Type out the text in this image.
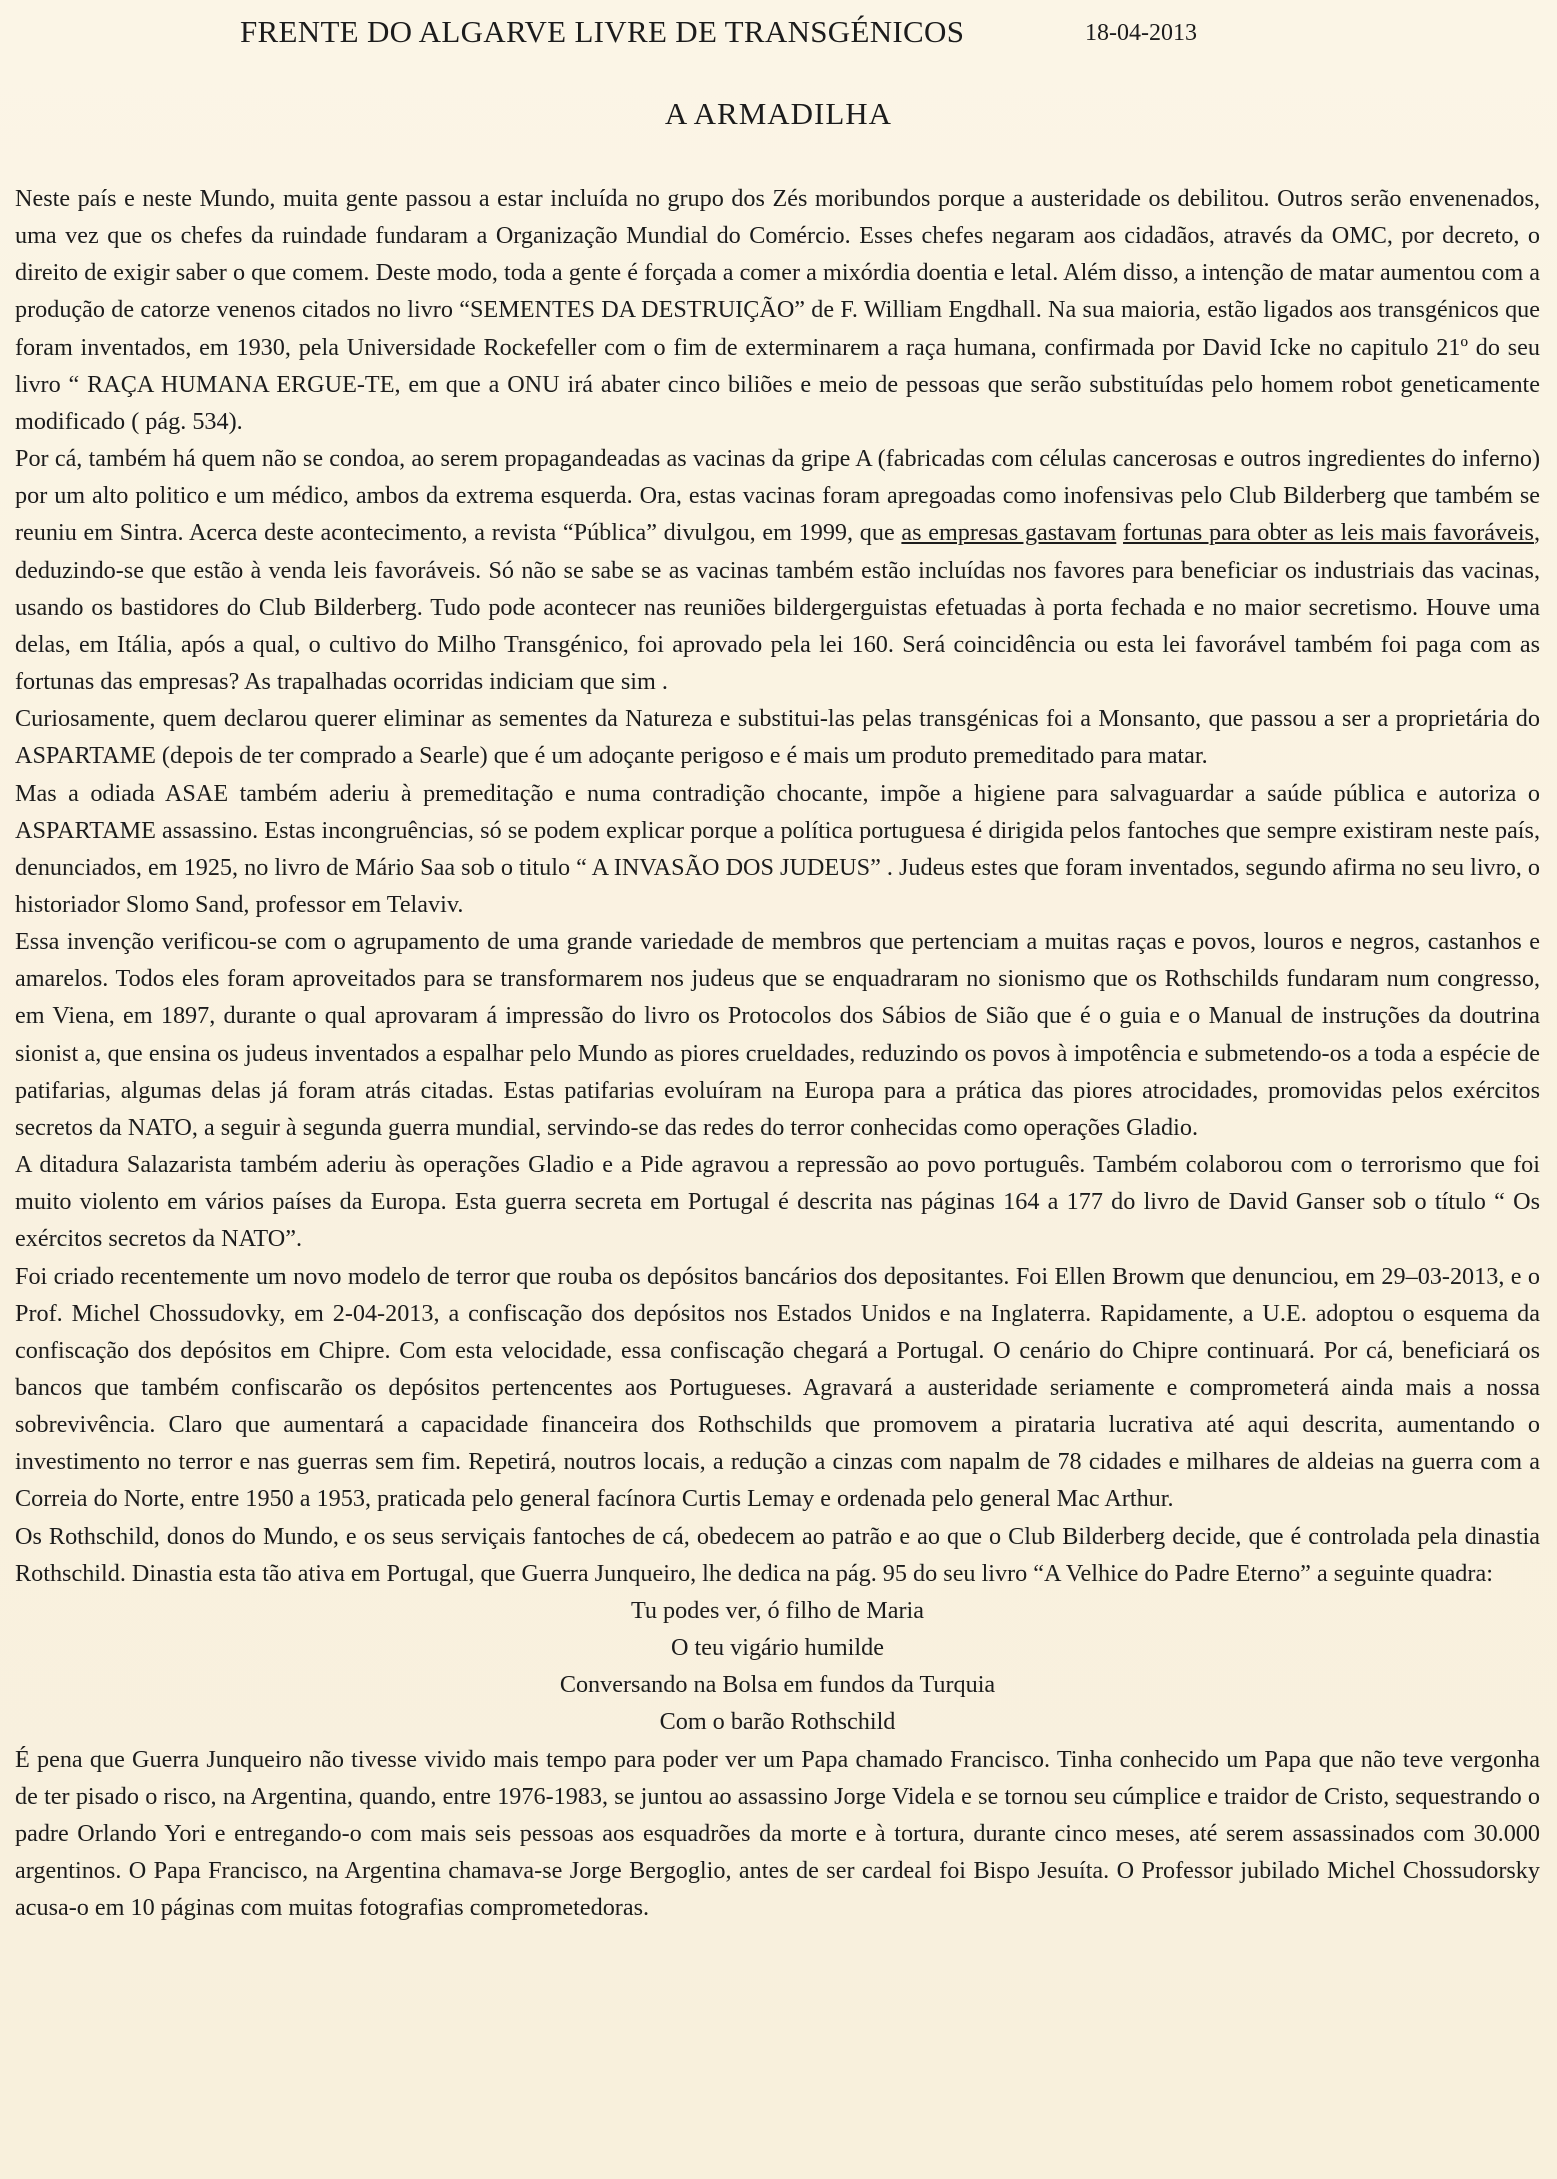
FRENTE DO ALGARVE LIVRE DE TRANSGÉNICOS	18-04-2013
A ARMADILHA

Neste país e neste Mundo, muita gente passou a estar incluída no grupo dos Zés moribundos porque a austeridade os debilitou. Outros serão envenenados, uma vez que os chefes da ruindade fundaram a Organização Mundial do Comércio. Esses chefes negaram aos cidadãos, através da OMC, por decreto, o direito de exigir saber o que comem. Deste modo, toda a gente é forçada a comer a mixórdia doentia e letal. Além disso, a intenção de matar aumentou com a produção de catorze venenos citados no livro “SEMENTES DA DESTRUIÇÃO” de F. William Engdhall. Na sua maioria, estão ligados aos transgénicos que foram inventados, em 1930, pela Universidade Rockefeller com o fim de exterminarem a raça humana, confirmada por David Icke no capitulo 21º do seu livro “ RAÇA HUMANA ERGUE-TE, em que a ONU irá abater cinco biliões e meio de pessoas que serão substituídas pelo homem robot geneticamente modificado ( pág. 534).

Por cá, também há quem não se condoa, ao serem propagandeadas as vacinas da gripe A (fabricadas com células cancerosas e outros ingredientes do inferno) por um alto politico e um médico, ambos da extrema esquerda. Ora, estas vacinas foram apregoadas como inofensivas pelo Club Bilderberg que também se reuniu em Sintra. Acerca deste acontecimento, a revista “Pública” divulgou, em 1999, que as empresas gastavam fortunas para obter as leis mais favoráveis, deduzindo-se que estão à venda leis favoráveis. Só não se sabe se as vacinas também estão incluídas nos favores para beneficiar os industriais das vacinas, usando os bastidores do Club Bilderberg. Tudo pode acontecer nas reuniões bildergerguistas efetuadas à porta fechada e no maior secretismo. Houve uma delas, em Itália, após a qual, o cultivo do Milho Transgénico, foi aprovado pela lei 160. Será coincidência ou esta lei favorável também foi paga com as fortunas das empresas? As trapalhadas ocorridas indiciam que sim .

Curiosamente, quem declarou querer eliminar as sementes da Natureza e substitui-las pelas transgénicas foi a Monsanto, que passou a ser a proprietária do ASPARTAME (depois de ter comprado a Searle) que é um adoçante perigoso e é mais um produto premeditado para matar.

Mas a odiada ASAE também aderiu à premeditação e numa contradição chocante, impõe a higiene para salvaguardar a saúde pública e autoriza o ASPARTAME assassino. Estas incongruências, só se podem explicar porque a política portuguesa é dirigida pelos fantoches que sempre existiram neste país, denunciados, em 1925, no livro de Mário Saa sob o titulo “ A INVASÃO DOS JUDEUS” . Judeus estes que foram inventados, segundo afirma no seu livro, o historiador Slomo Sand, professor em Telaviv.

Essa invenção verificou-se com o agrupamento de uma grande variedade de membros que pertenciam a muitas raças e povos, louros e negros, castanhos e amarelos. Todos eles foram aproveitados para se transformarem nos judeus que se enquadraram no sionismo que os Rothschilds fundaram num congresso, em Viena, em 1897, durante o qual aprovaram á impressão do livro os Protocolos dos Sábios de Sião que é o guia e o Manual de instruções da doutrina sionist a, que ensina os judeus inventados a espalhar pelo Mundo as piores crueldades, reduzindo os povos à impotência e submetendo-os a toda a espécie de patifarias, algumas delas já foram atrás citadas. Estas patifarias evoluíram na Europa para a prática das piores atrocidades, promovidas pelos exércitos secretos da NATO, a seguir à segunda guerra mundial, servindo-se das redes do terror conhecidas como operações Gladio.

A ditadura Salazarista também aderiu às operações Gladio e a Pide agravou a repressão ao povo português. Também colaborou com o terrorismo que foi muito violento em vários países da Europa. Esta guerra secreta em Portugal é descrita nas páginas 164 a 177 do livro de David Ganser sob o título “ Os exércitos secretos da NATO”.

Foi criado recentemente um novo modelo de terror que rouba os depósitos bancários dos depositantes. Foi Ellen Browm que denunciou, em 29–03-2013, e o Prof. Michel Chossudovky, em 2-04-2013, a confiscação dos depósitos nos Estados Unidos e na Inglaterra. Rapidamente, a U.E. adoptou o esquema da confiscação dos depósitos em Chipre. Com esta velocidade, essa confiscação chegará a Portugal. O cenário do Chipre continuará. Por cá, beneficiará os bancos que também confiscarão os depósitos pertencentes aos Portugueses. Agravará a austeridade seriamente e comprometerá ainda mais a nossa sobrevivência. Claro que aumentará a capacidade financeira dos Rothschilds que promovem a pirataria lucrativa até aqui descrita, aumentando o investimento no terror e nas guerras sem fim. Repetirá, noutros locais, a redução a cinzas com napalm de 78 cidades e milhares de aldeias na guerra com a Correia do Norte, entre 1950 a 1953, praticada pelo general facínora Curtis Lemay e ordenada pelo general Mac Arthur.

Os Rothschild, donos do Mundo, e os seus serviçais fantoches de cá, obedecem ao patrão e ao que o Club Bilderberg decide, que é controlada pela dinastia Rothschild. Dinastia esta tão ativa em Portugal, que Guerra Junqueiro, lhe dedica na pág. 95 do seu livro “A Velhice do Padre Eterno” a seguinte quadra:

Tu podes ver, ó filho de Maria
O teu vigário humilde
Conversando na Bolsa em fundos da Turquia
Com o barão Rothschild

É pena que Guerra Junqueiro não tivesse vivido mais tempo para poder ver um Papa chamado Francisco. Tinha conhecido um Papa que não teve vergonha de ter pisado o risco, na Argentina, quando, entre 1976-1983, se juntou ao assassino Jorge Videla e se tornou seu cúmplice e traidor de Cristo, sequestrando o padre Orlando Yori e entregando-o com mais seis pessoas aos esquadrões da morte e à tortura, durante cinco meses, até serem assassinados com 30.000 argentinos. O Papa Francisco, na Argentina chamava-se Jorge Bergoglio, antes de ser cardeal foi Bispo Jesuíta. O Professor jubilado Michel Chossudorsky acusa-o em 10 páginas com muitas fotografias comprometedoras.
